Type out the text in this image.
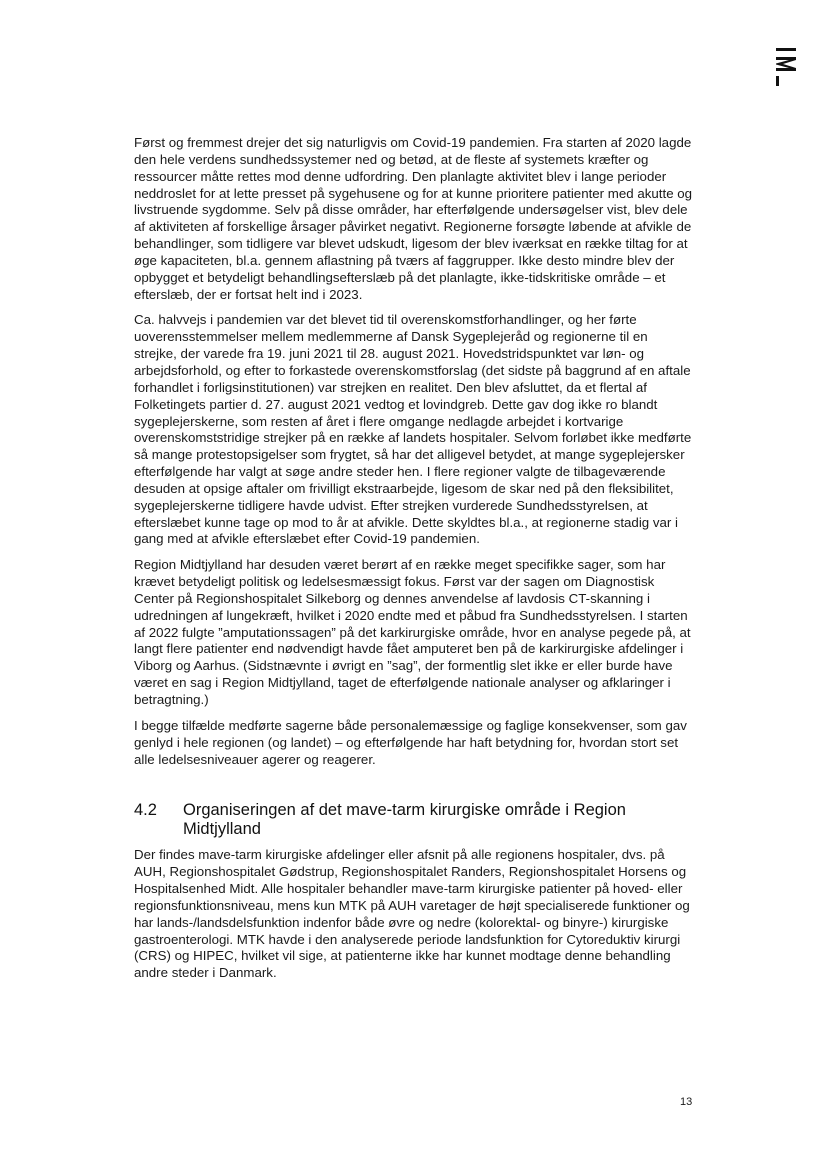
Først og fremmest drejer det sig naturligvis om Covid-19 pandemien. Fra starten af 2020 lagde den hele verdens sundhedssystemer ned og betød, at de fleste af systemets kræfter og ressourcer måtte rettes mod denne udfordring. Den planlagte aktivitet blev i lange perioder neddroslet for at lette presset på sygehusene og for at kunne prioritere patienter med akutte og livstruende sygdomme. Selv på disse områder, har efterfølgende undersøgelser vist, blev dele af aktiviteten af forskellige årsager påvirket negativt. Regionerne forsøgte løbende at afvikle de behandlinger, som tidligere var blevet udskudt, ligesom der blev iværksat en række tiltag for at øge kapaciteten, bl.a. gennem aflastning på tværs af faggrupper. Ikke desto mindre blev der opbygget et betydeligt behandlingsefterslæb på det planlagte, ikke-tidskritiske område – et efterslæb, der er fortsat helt ind i 2023.

Ca. halvvejs i pandemien var det blevet tid til overenskomstforhandlinger, og her førte uoverensstemmelser mellem medlemmerne af Dansk Sygeplejeråd og regionerne til en strejke, der varede fra 19. juni 2021 til 28. august 2021. Hovedstridspunktet var løn- og arbejdsforhold, og efter to forkastede overenskomstforslag (det sidste på baggrund af en aftale forhandlet i forligsinstitutionen) var strejken en realitet. Den blev afsluttet, da et flertal af Folketingets partier d. 27. august 2021 vedtog et lovindgreb. Dette gav dog ikke ro blandt sygeplejerskerne, som resten af året i flere omgange nedlagde arbejdet i kortvarige overenskomststridige strejker på en række af landets hospitaler. Selvom forløbet ikke medførte så mange protestopsigelser som frygtet, så har det alligevel betydet, at mange sygeplejersker efterfølgende har valgt at søge andre steder hen. I flere regioner valgte de tilbageværende desuden at opsige aftaler om frivilligt ekstraarbejde, ligesom de skar ned på den fleksibilitet, sygeplejerskerne tidligere havde udvist. Efter strejken vurderede Sundhedsstyrelsen, at efterslæbet kunne tage op mod to år at afvikle. Dette skyldtes bl.a., at regionerne stadig var i gang med at afvikle efterslæbet efter Covid-19 pandemien.

Region Midtjylland har desuden været berørt af en række meget specifikke sager, som har krævet betydeligt politisk og ledelsesmæssigt fokus. Først var der sagen om Diagnostisk Center på Regionshospitalet Silkeborg og dennes anvendelse af lavdosis CT-skanning i udredningen af lungekræft, hvilket i 2020 endte med et påbud fra Sundhedsstyrelsen. I starten af 2022 fulgte ”amputationssagen” på det karkirurgiske område, hvor en analyse pegede på, at langt flere patienter end nødvendigt havde fået amputeret ben på de karkirurgiske afdelinger i Viborg og Aarhus. (Sidstnævnte i øvrigt en ”sag”, der formentlig slet ikke er eller burde have været en sag i Region Midtjylland, taget de efterfølgende nationale analyser og afklaringer i betragtning.)

I begge tilfælde medførte sagerne både personalemæssige og faglige konsekvenser, som gav genlyd i hele regionen (og landet) – og efterfølgende har haft betydning for, hvordan stort set alle ledelsesniveauer agerer og reagerer.

4.2	Organiseringen af det mave-tarm kirurgiske område i Region Midtjylland

Der findes mave-tarm kirurgiske afdelinger eller afsnit på alle regionens hospitaler, dvs. på AUH, Regionshospitalet Gødstrup, Regionshospitalet Randers, Regionshospitalet Horsens og Hospitalsenhed Midt. Alle hospitaler behandler mave-tarm kirurgiske patienter på hoved- eller regionsfunktionsniveau, mens kun MTK på AUH varetager de højt specialiserede funktioner og har lands-/landsdelsfunktion indenfor både øvre og nedre (kolorektal- og binyre-) kirurgiske gastroenterologi. MTK havde i den analyserede periode landsfunktion for Cytoreduktiv kirurgi (CRS) og HIPEC, hvilket vil sige, at patienterne ikke har kunnet modtage denne behandling andre steder i Danmark.

13
